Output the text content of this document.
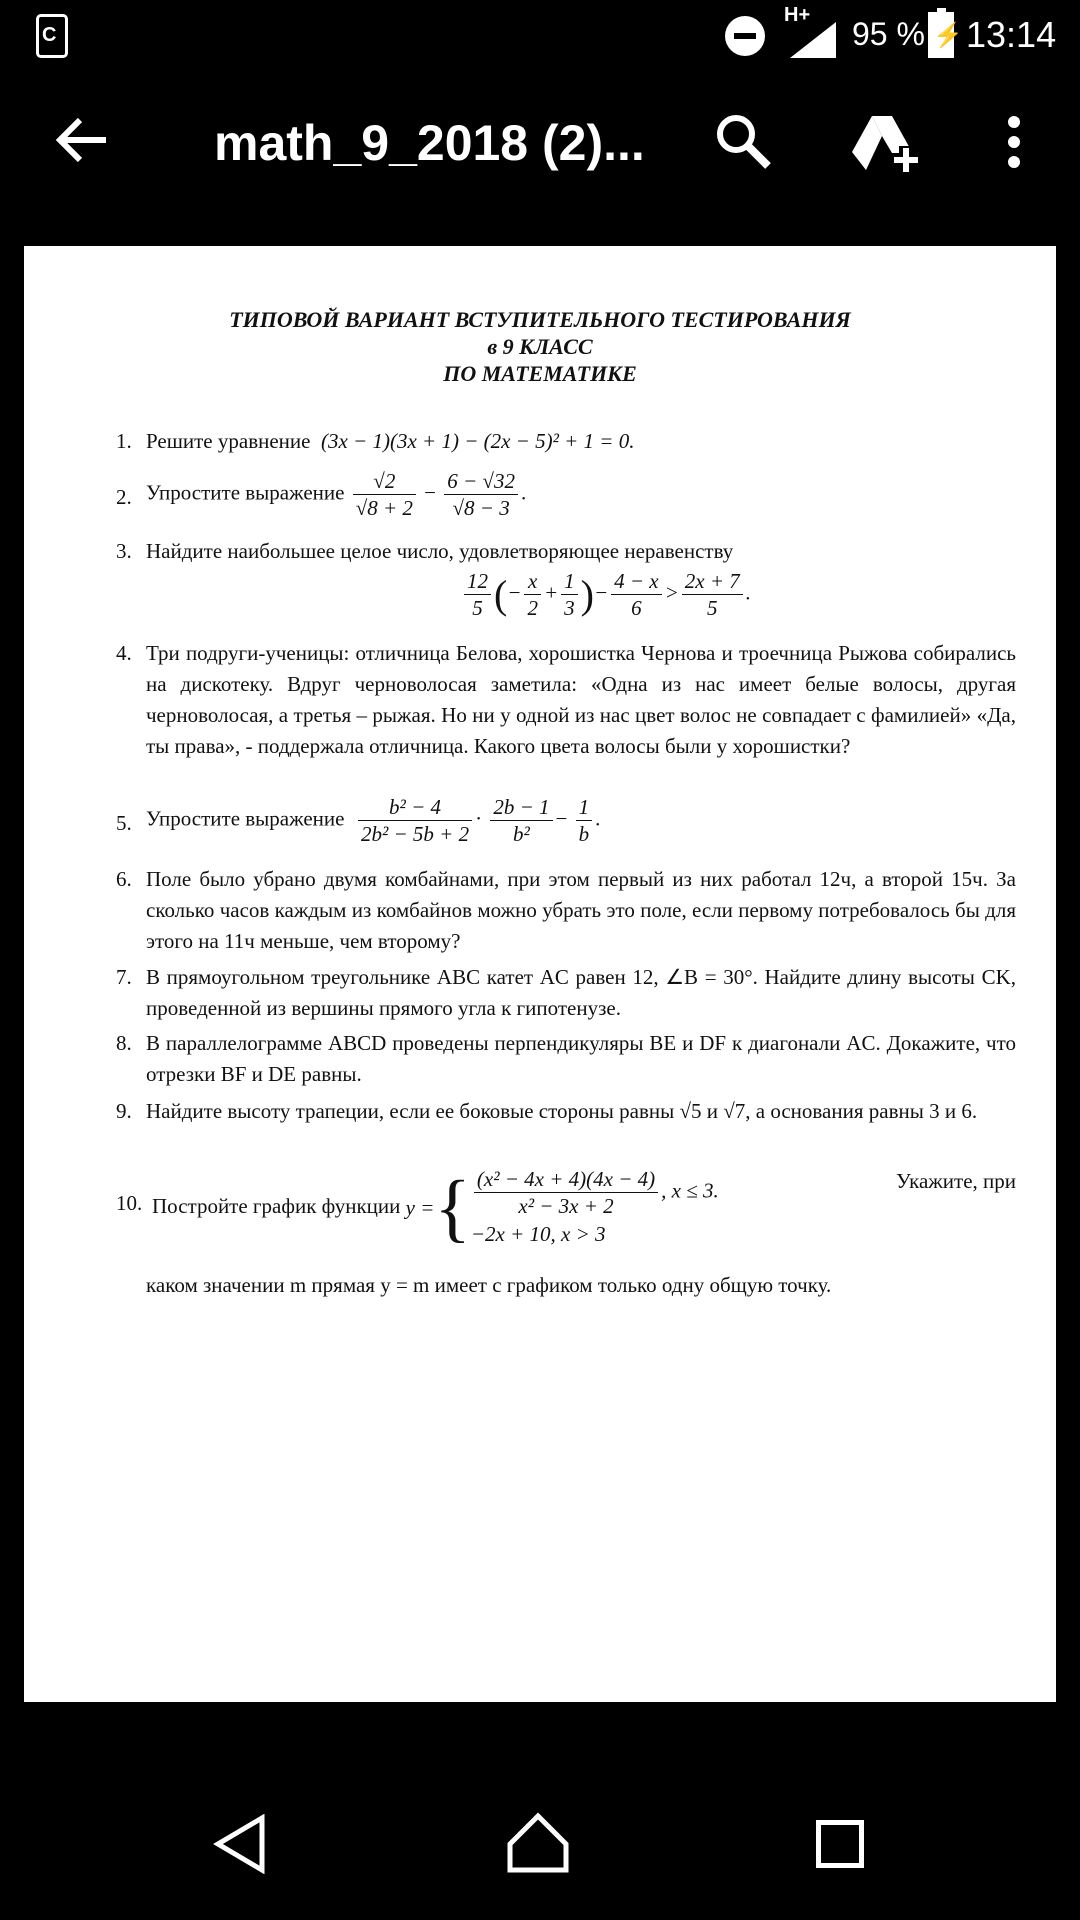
C
H+
95 % ⚡ 13:14
math_9_2018 (2)...
ТИПОВОЙ ВАРИАНТ ВСТУПИТЕЛЬНОГО ТЕСТИРОВАНИЯ
в 9 КЛАСС
ПО МАТЕМАТИКЕ
1. Решите уравнение (3x − 1)(3x + 1) − (2x − 5)² + 1 = 0.
2. Упростите выражение $\frac{√2}{√8 + 2} - \frac{6 - √32}{√8 - 3}$ .
3. Найдите наибольшее целое число, удовлетворяющее неравенству
$\frac{12}{5}$ (− $\frac{x}{2} + \frac{1}{3}$ )− $\frac{4 - x}{6} > \frac{2x + 7}{5}$ .
4. Три подруги-ученицы: отличница Белова, хорошистка Чернова и троечница Рыжова собирались на дискотеку. Вдруг черноволосая заметила: «Одна из нас имеет белые волосы, другая черноволосая, а третья – рыжая. Но ни у одной из нас цвет волос не совпадает с фамилией» «Да, ты права», - поддержала отличница. Какого цвета волосы были у хорошистки?
5. Упростите выражение $\frac{\text{b² − 4}}{\text{2b² − 5b + 2}} \cdot \frac{2b - 1}{\text{b²}} - \frac{1}{b}$ .
6. Поле было убрано двумя комбайнами, при этом первый из них работал 12ч, а второй 15ч. За сколько часов каждым из комбайнов можно убрать это поле, если первому потребовалось бы для этого на 11ч меньше, чем второму?
7. В прямоугольном треугольнике ABC катет AC равен 12, ∠B = 30°. Найдите длину высоты CK, проведенной из вершины прямого угла к гипотенузе.
8. В параллелограмме ABCD проведены перпендикуляры BE и DF к диагонали AC. Докажите, что отрезки BF и DE равны.
9. Найдите высоту трапеции, если ее боковые стороны равны √5 и √7, а основания равны 3 и 6.
10. Постройте график функции y ={ $\frac{\text{(x² − 4x + 4)(4x − 4)}}{\text{x² − 3x + 2}}$ , x ≤ 3.
−2x + 10, x > 3
Укажите, при
каком значении m прямая y = m имеет с графиком только одну общую точку.
